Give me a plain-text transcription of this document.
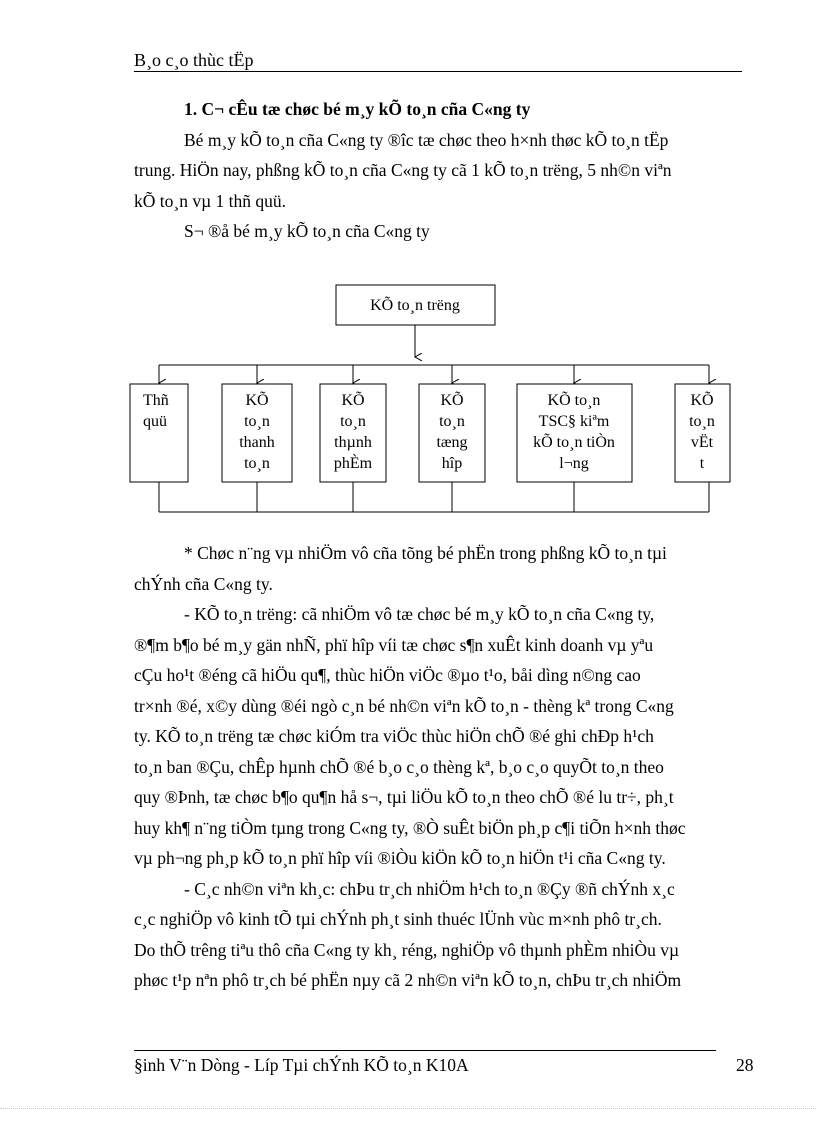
B¸o c¸o thùc tËp
1. C¬ cÊu tæ chøc bé m¸y kÕ to¸n cña C«ng ty
Bé m¸y kÕ to¸n cña C«ng ty ®îc tæ chøc theo h×nh thøc kÕ to¸n tËp
trung. HiÖn nay, phßng kÕ to¸n cña C«ng ty cã 1 kÕ to¸n trëng, 5 nh©n viªn
kÕ to¸n vµ 1 thñ quü.
S¬ ®å bé m¸y kÕ to¸n cña C«ng ty
KÕ to¸n trëng
Thñ
quü
KÕ
to¸n
thanh
to¸n
KÕ
to¸n
thµnh
phÈm
KÕ
to¸n
tæng
hîp
KÕ to¸n
TSC§ kiªm
kÕ to¸n tiÒn
l¬ng
KÕ
to¸n
vËt
t
* Chøc n¨ng vµ nhiÖm vô cña tõng bé phËn trong phßng kÕ to¸n tµi
chÝnh cña C«ng ty.
- KÕ to¸n trëng: cã nhiÖm vô tæ chøc bé m¸y kÕ to¸n cña C«ng ty,
®¶m b¶o bé m¸y gän nhÑ, phï hîp víi tæ chøc s¶n xuÊt kinh doanh vµ yªu
cÇu ho¹t ®éng cã hiÖu qu¶, thùc hiÖn viÖc ®µo t¹o, båi dìng n©ng cao
tr×nh ®é, x©y dùng ®éi ngò c¸n bé nh©n viªn kÕ to¸n - thèng kª trong C«ng
ty. KÕ to¸n trëng tæ chøc kiÓm tra viÖc thùc hiÖn chÕ ®é ghi chÐp h¹ch
to¸n ban ®Çu, chÊp hµnh chÕ ®é b¸o c¸o thèng kª, b¸o c¸o quyÕt to¸n theo
quy ®Þnh, tæ chøc b¶o qu¶n hå s¬, tµi liÖu kÕ to¸n theo chÕ ®é lu tr÷, ph¸t
huy kh¶ n¨ng tiÒm tµng trong C«ng ty, ®Ò suÊt biÖn ph¸p c¶i tiÕn h×nh thøc
vµ ph¬ng ph¸p kÕ to¸n phï hîp víi ®iÒu kiÖn kÕ to¸n hiÖn t¹i cña C«ng ty.
- C¸c nh©n viªn kh¸c: chÞu tr¸ch nhiÖm h¹ch to¸n ®Çy ®ñ chÝnh x¸c
c¸c nghiÖp vô kinh tÕ tµi chÝnh ph¸t sinh thuéc lÜnh vùc m×nh phô tr¸ch.
Do thÕ trêng tiªu thô cña C«ng ty kh¸ réng, nghiÖp vô thµnh phÈm nhiÒu vµ
phøc t¹p nªn phô tr¸ch bé phËn nµy cã 2 nh©n viªn kÕ to¸n, chÞu tr¸ch nhiÖm
§inh V¨n Dòng - Líp Tµi chÝnh KÕ to¸n K10A	28
